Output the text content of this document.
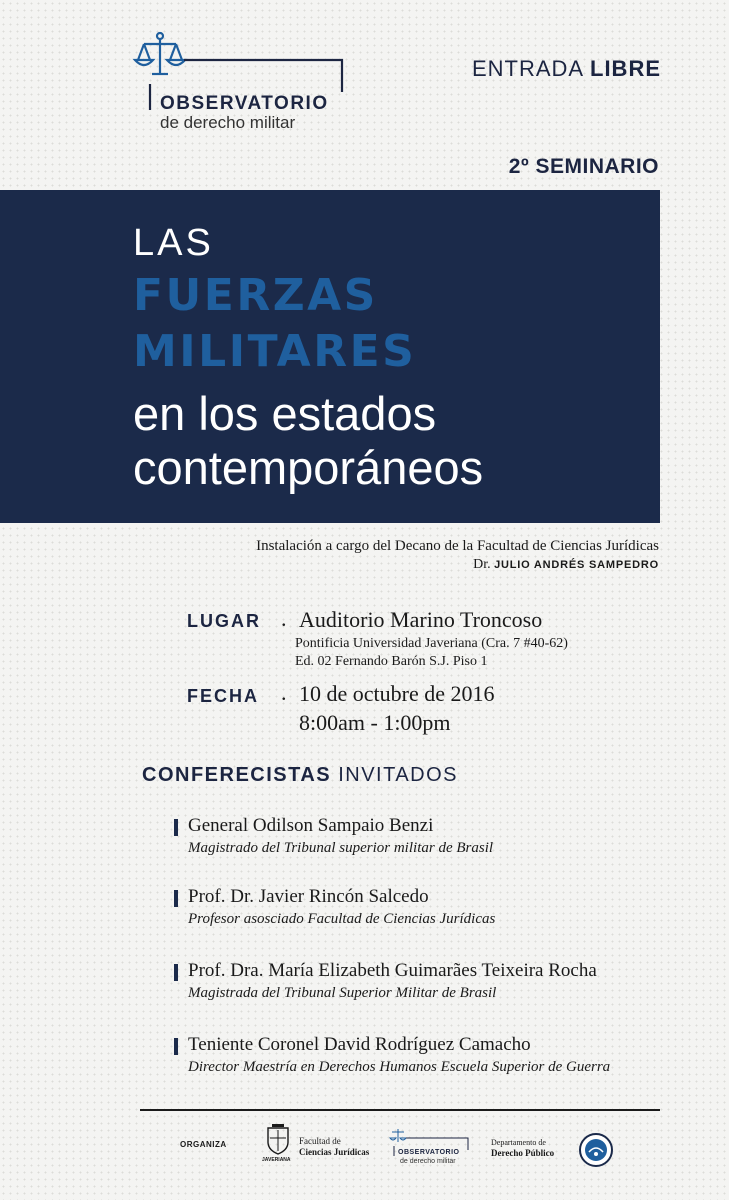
OBSERVATORIO
de derecho militar
ENTRADA LIBRE
2º SEMINARIO
LAS
FUERZAS
MILITARES
en los estados
contemporáneos
Instalación a cargo del Decano de la Facultad de Ciencias Jurídicas
Dr. JULIO ANDRÉS SAMPEDRO
LUGAR . Auditorio Marino Troncoso
Pontificia Universidad Javeriana (Cra. 7 #40-62)
Ed. 02 Fernando Barón S.J. Piso 1
FECHA . 10 de octubre de 2016
8:00am - 1:00pm
CONFERECISTAS INVITADOS
General Odilson Sampaio Benzi
Magistrado del Tribunal superior militar de Brasil
Prof. Dr. Javier Rincón Salcedo
Profesor asosciado Facultad de Ciencias Jurídicas
Prof. Dra. María Elizabeth Guimarães Teixeira Rocha
Magistrada del Tribunal Superior Militar de Brasil
Teniente Coronel David Rodríguez Camacho
Director Maestría en Derechos Humanos Escuela Superior de Guerra
ORGANIZA
JAVERIANA
Facultad de
Ciencias Jurídicas	OBSERVATORIO
de derecho militar
Departamento de
Derecho Público
